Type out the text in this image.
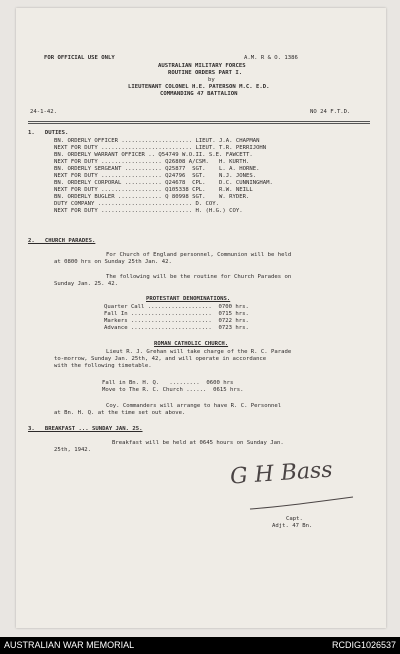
FOR OFFICIAL USE ONLY	A.M. R & O. 1386
AUSTRALIAN MILITARY FORCES
ROUTINE ORDERS PART I.
by
LIEUTENANT COLONEL H.E. PATERSON M.C. E.D.
COMMANDING 47 BATTALION
24-1-42.	NO 24 F.T.D.
1.   DUTIES.
BN. ORDERLY OFFICER ..................... LIEUT. J.A. CHAPMAN
NEXT FOR DUTY ........................... LIEUT. T.R. PERRIJOHN
BN. ORDERLY WARRANT OFFICER .. Q54749 W.O.II. S.E. FAWCETT.
NEXT FOR DUTY .................. Q26808 A/CSM.   H. KURTH.
BN. ORDERLY SERGEANT ........... Q25877  SGT.    L. A. HORNE.
NEXT FOR DUTY .................. Q24796  SGT.    N.J. JONES.
BN. ORDERLY CORPORAL ........... Q24678  CPL.    D.C. CUNNINGHAM.
NEXT FOR DUTY .................. Q105338 CPL.    R.W. NEILL
BN. ORDERLY BUGLER ............. Q 80998 SGT.    W. RYDER.
DUTY COMPANY ............................ D. COY.
NEXT FOR DUTY ........................... H. (H.G.) COY.
2.   CHURCH PARADES.
For Church of England personnel, Communion will be held
at 0800 hrs on Sunday 25th Jan. 42.
The following will be the routine for Church Parades on
Sunday Jan. 25. 42.
PROTESTANT DENOMINATIONS.
Quarter Call ...................  0700 hrs.
Fall In ........................  0715 hrs.
Markers ........................  0722 hrs.
Advance ........................  0723 hrs.
ROMAN CATHOLIC CHURCH.
Lieut R. J. Grehan will take charge of the R. C. Parade
to-morrow, Sunday Jan. 25th, 42, and will operate in accordance
with the following timetable.
Fall in Bn. H. Q.   .........  0600 hrs
Move to The R. C. Church ......  0615 hrs.
Coy. Commanders will arrange to have R. C. Personnel
at Bn. H. Q. at the time set out above.
3.   BREAKFAST ... SUNDAY JAN. 25.
Breakfast will be held at 0645 hours on Sunday Jan.
25th, 1942.
G H Bass
Capt.
Adjt. 47 Bn.
AUSTRALIAN WAR MEMORIAL	RCDIG1026537
